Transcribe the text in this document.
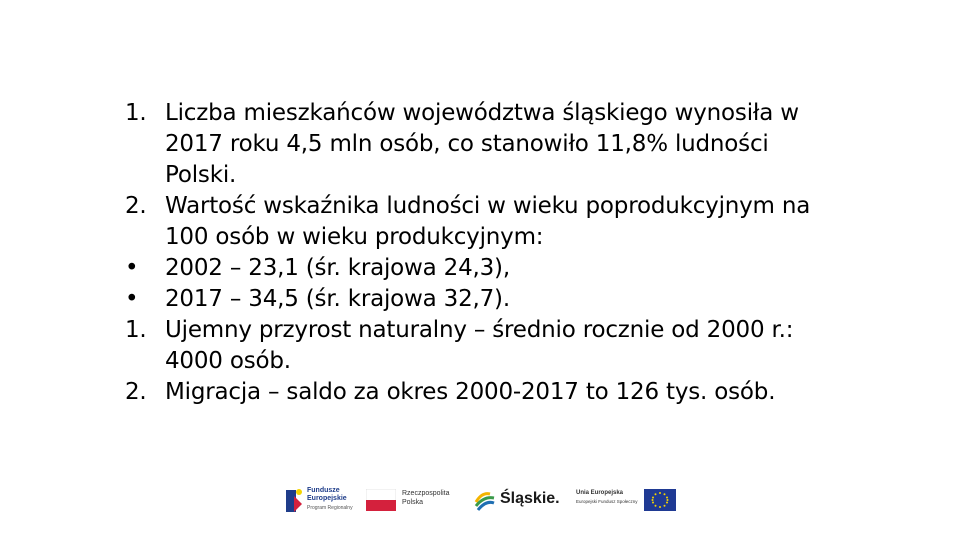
1. Liczba mieszkańców województwa śląskiego wynosiła w 2017 roku 4,5 mln osób, co stanowiło 11,8% ludności Polski.
2. Wartość wskaźnika ludności w wieku poprodukcyjnym na 100 osób w wieku produkcyjnym:
•	2002 – 23,1 (śr. krajowa 24,3),
•	2017 – 34,5 (śr. krajowa 32,7).
1. Ujemny przyrost naturalny – średnio rocznie od 2000 r.: 4000 osób.
2. Migracja – saldo za okres 2000-2017 to 126 tys. osób.
Fundusze
Europejskie
Program Regionalny
Rzeczpospolita
Polska	Śląskie.	Unia Europejska
Europejski Fundusz Społeczny
